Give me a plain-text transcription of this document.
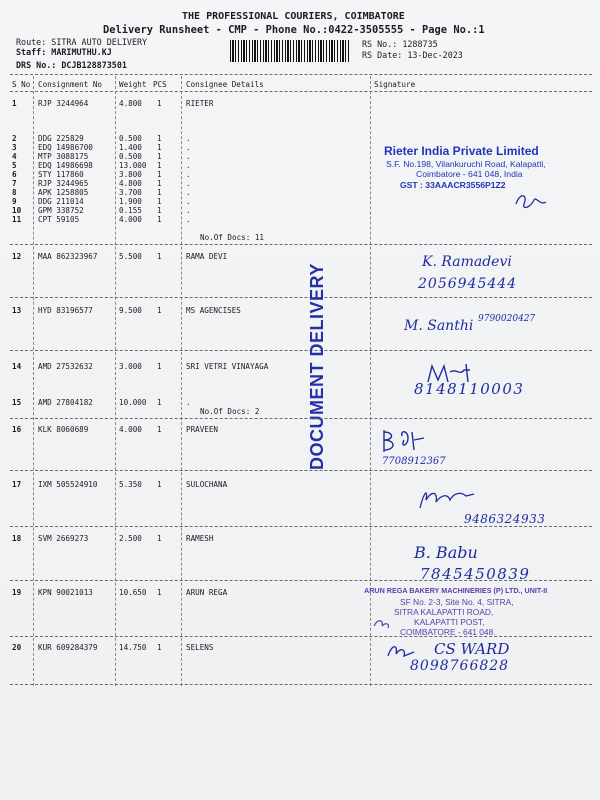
THE PROFESSIONAL COURIERS, COIMBATORE
Delivery Runsheet - CMP - Phone No.:0422-3505555 - Page No.:1
Route: SITRA AUTO DELIVERY
Staff: MARIMUTHU.KJ
DRS No.: DCJB128873501
RS No.: 1288735
RS Date: 13-Dec-2023
S No Consignment No Weight PCS	Consignee Details	Signature
1	RJP 3244964	4.800 1	RIETER
2	DDG 225829	0.500 1	.
3	EDQ 14986700	1.400 1	.
4	MTP 3088175	0.500 1	.
5	EDQ 14986698	13.000 1	.
6	STY 117860	3.800 1	.
7	RJP 3244965	4.800 1	.
8	APK 1258805	3.700 1	.
9	DDG 211014	1.900 1	.
10 GPM 338752	0.155 1	.
11 CPT 59105	4.000 1	.
No.Of Docs: 11
Rieter India Private Limited
S.F. No.198, Vilankuruchi Road, Kalapatti,
Coimbatore - 641 048, India
GST : 33AAACR3556P1Z2
12 MAA 862323967	5.500 1	RAMA DEVI	K. Ramadevi
2056945444
13 HYD 83196577	9.500 1	MS AGENCISES
M. Santhi 9790020427
14 AMD 27532632	3.000 1	SRI VETRI VINAYAGA
15 AMD 27804182	10.000 1	.
No.Of Docs: 2
8148110003
DOCUMENT DELIVERY
16 KLK 8060689	4.000 1	PRAVEEN
7708912367
17 IXM 505524910	5.350 1	SULOCHANA
9486324933
18 SVM 2669273	2.500 1	RAMESH
B. Babu
7845450839
19 KPN 90021013	10.650 1	ARUN REGA	ARUN REGA BAKERY MACHINERIES (P) LTD., UNIT-II
SF No. 2-3, Site No. 4, SITRA,
SITRA KALAPATTI ROAD,
KALAPATTI POST,
COIMBATORE - 641 048.
20 KUR 609284379	14.750 1	SELENS	CS WARD
8098766828
